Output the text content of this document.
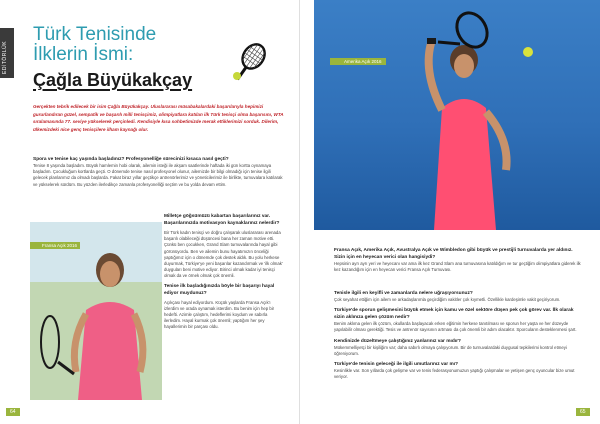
EDİTÖRLÜK
Türk Tenisinde
İlklerin İsmi:
Çağla Büyükakçay
Gerçekten tebrik edilecek bir isim Çağla Büyükakçay. Uluslararası müsabakalardaki başarılarıyla hepimizi gururlandıran güzel, sempatik ve başarılı milli tenisçimiz, olimpiyatlara katılan ilk Türk tenisçi olma başarısını, WTA sıralamasında 77. seviye yükselerek perçinledi. Kendisiyle kısa sohbetimizde merak ettiklerimizi sorduk. Dilerim, ülkemizdeki nice genç tenisçilere ilham kaynağı olur.

Spora ve tenise kaç yaşında başladınız? Profesyonelliğe sürecinizi kısaca nasıl geçti?

Tenise 8 yaşında başladım. Büyük hamlemin hobi olarak, ailemin isteği ile akşam saatlerinde haftada iki gün kortta oynamaya başladım. Çocukluğum kortlarda geçti. O dönemde tenise nasıl profesyonel olunur, ailemizde bir bilgi olmadığı için tenise ilgili gelecek planlarımız da olmadı başlarda. Fakat biraz yıllar geçtikçe antrenörlerimiz ve yöneticilerimiz ile birlikte, turnuvalara katılarak ve yükselerek sürdüm. Bu yüzden ilerledikçe zamanla profesyonelliği seçtim ve bu yolda devam ettim.

Fransa Açık 2016

Milletçe göğsümüzü kabartan başarılarınız var. Başarılarınızda motivasyon kaynaklarınız nelerdir?

Bir Türk kadın tenisçi ve doğru çalışarak uluslararası arenada başarılı olabileceği düşüncesi bana her zaman motive etti. Çünkü ben çocukken, Grand Slam turnuvalarında hayal gibi görünüyordu. Ben ve ailemin bunu hayatımızın önceliği yaptığımız için o dönemde çok destek aldık. Bu yolu herkese duyurmak, Türkiye'ye yeni başarılar kazandırmak ve 'ilk olmak' duyguları beni motive ediyor. Birinci olmak kadar iyi tenisçi olmak da ve örnek olmak çok önemli.

Tenise ilk başladığınızda böyle bir başarıyı hayal ediyor muydunuz?

Açıkçası hayal ediyordum. Küçük yaşlarda Fransa Açık'ı izlerdim ve orada oynamak isterdim. Bu benim için hep bir hedefti. Azimle çalıştım, hedeflerimi koydum ve sabırla ilerledim. Hayal kurmak çok önemli; yaptığım her şey hayallerimin bir parçası oldu.

64
Amerika Açık 2016

Fransa Açık, Amerika Açık, Avustralya Açık ve Wimbledon gibi büyük ve prestijli turnuvalarda yer aldınız. Sizin için en heyecan verici olan hangisiydi?

Hepsinin ayrı ayrı yeri ve heyecanı var ama ilk kez Grand Slam ana turnuvasına katıldığım ve tur geçtiğim olimpiyatlara giderek ilk kez kazandığım için en heyecan verici Fransa Açık Turnuvası.

Tenisle ilgili en keyifli ve zamanlarda nelere uğraşıyorsunuz?

Çok seyahat ettiğim için ailem ve arkadaşlarımla geçirdiğim vakitler çok kıymetli. Özellikle kardeşimle vakit geçiriyorum.

Türkiye'de sporun gelişmesini büyük etmek için kamu ve özel sektöre düşen pek çok görev var. İlk olarak sizin aklınıza gelen çözüm nedir?

Benim aklıma gelen ilk çözüm, okullarda başlayacak erken eğitimin herkese tanıtılması ve sporun her yaşta ve her düzeyde yapılabilir olması gerektiği. Tesis ve antrenör sayısının artması da çok önemli bir adım olacaktır. Sporcuların desteklenmesi şart.

Kendinizde düzeltmeye çalıştığınız yanlarınız var mıdır?

Mükemmelliyetçi bir kişiliğim var; daha sabırlı olmaya çalışıyorum. Bir de turnuvalardaki duygusal tepkilerimi kontrol etmeyi öğreniyorum.

Türkiye'de tenisin geleceği ile ilgili umutlarınız var mı?

Kesinlikle var. Son yıllarda çok gelişme var ve tenis federasyonumuzun yaptığı çalışmalar ve yetişen genç oyuncular bize umut veriyor.

65
